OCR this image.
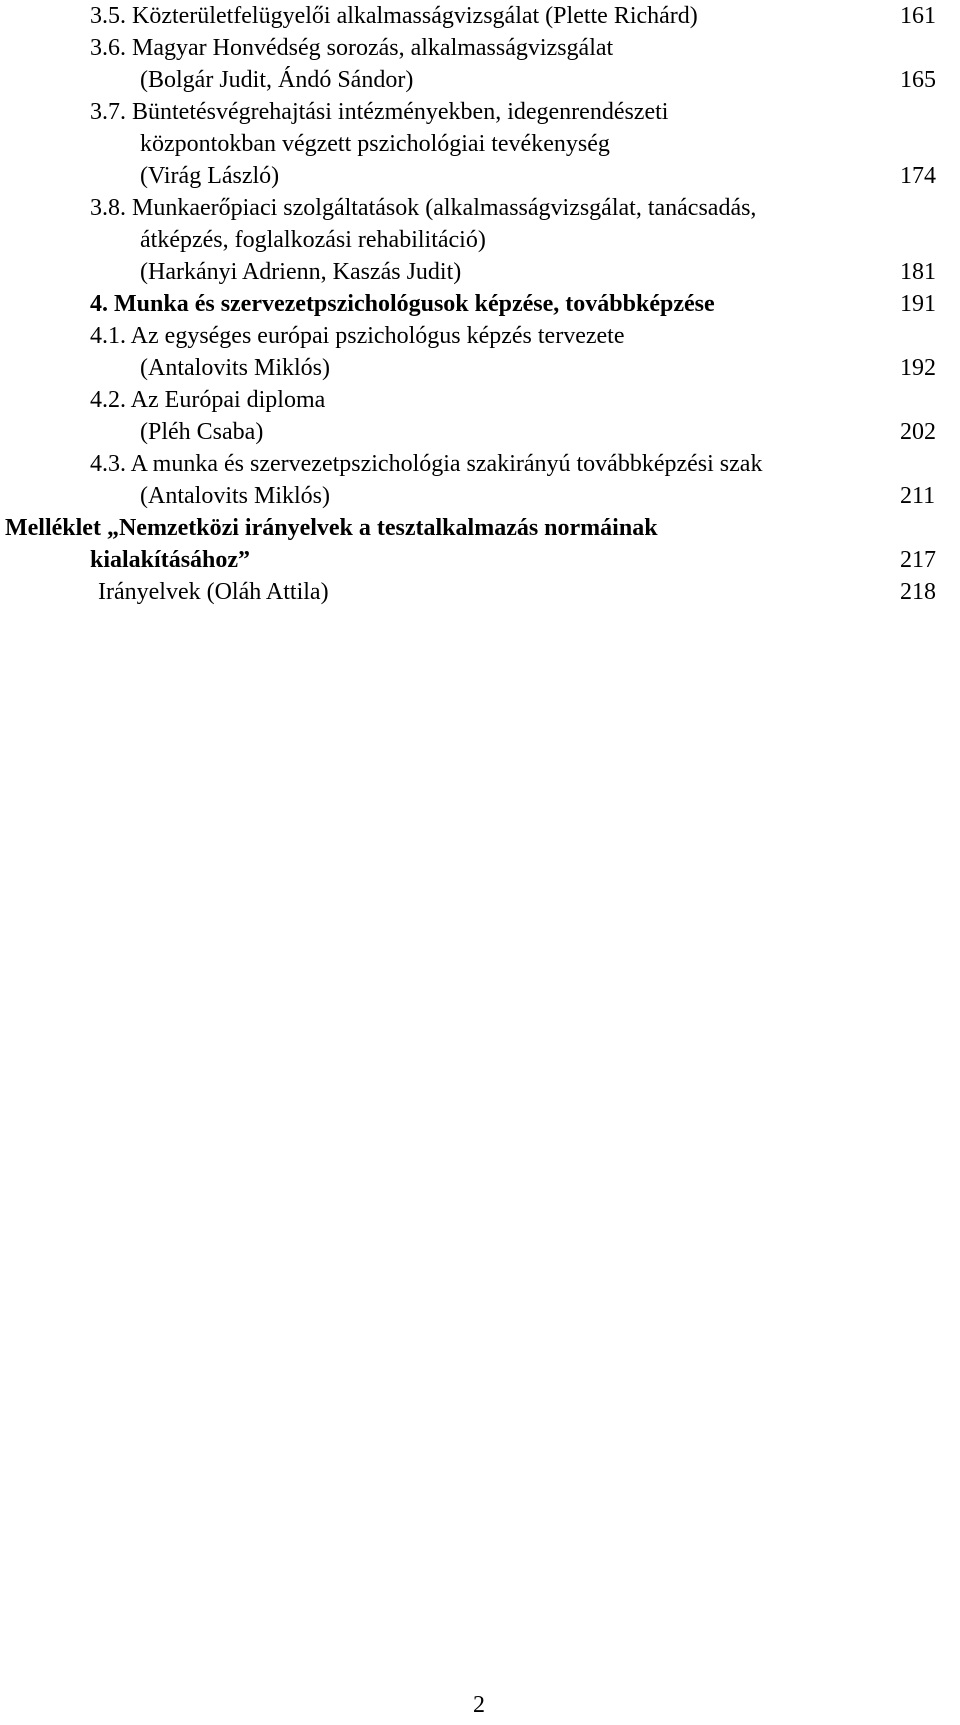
3.5. Közterületfelügyelői alkalmasságvizsgálat (Plette Richárd)	161
3.6. Magyar Honvédség sorozás, alkalmasságvizsgálat
(Bolgár Judit, Ándó Sándor)	165
3.7. Büntetésvégrehajtási intézményekben, idegenrendészeti
központokban végzett pszichológiai tevékenység
(Virág László)	174
3.8. Munkaerőpiaci szolgáltatások (alkalmasságvizsgálat, tanácsadás,
átképzés, foglalkozási rehabilitáció)
(Harkányi Adrienn, Kaszás Judit)	181
4. Munka és szervezetpszichológusok képzése, továbbképzése	191
4.1. Az egységes európai pszichológus képzés tervezete
(Antalovits Miklós)	192
4.2. Az Európai diploma
(Pléh Csaba)	202
4.3. A munka és szervezetpszichológia szakirányú továbbképzési szak
(Antalovits Miklós)	211
Melléklet „Nemzetközi irányelvek a tesztalkalmazás normáinak
kialakításához”	217
Irányelvek (Oláh Attila)	218
2
